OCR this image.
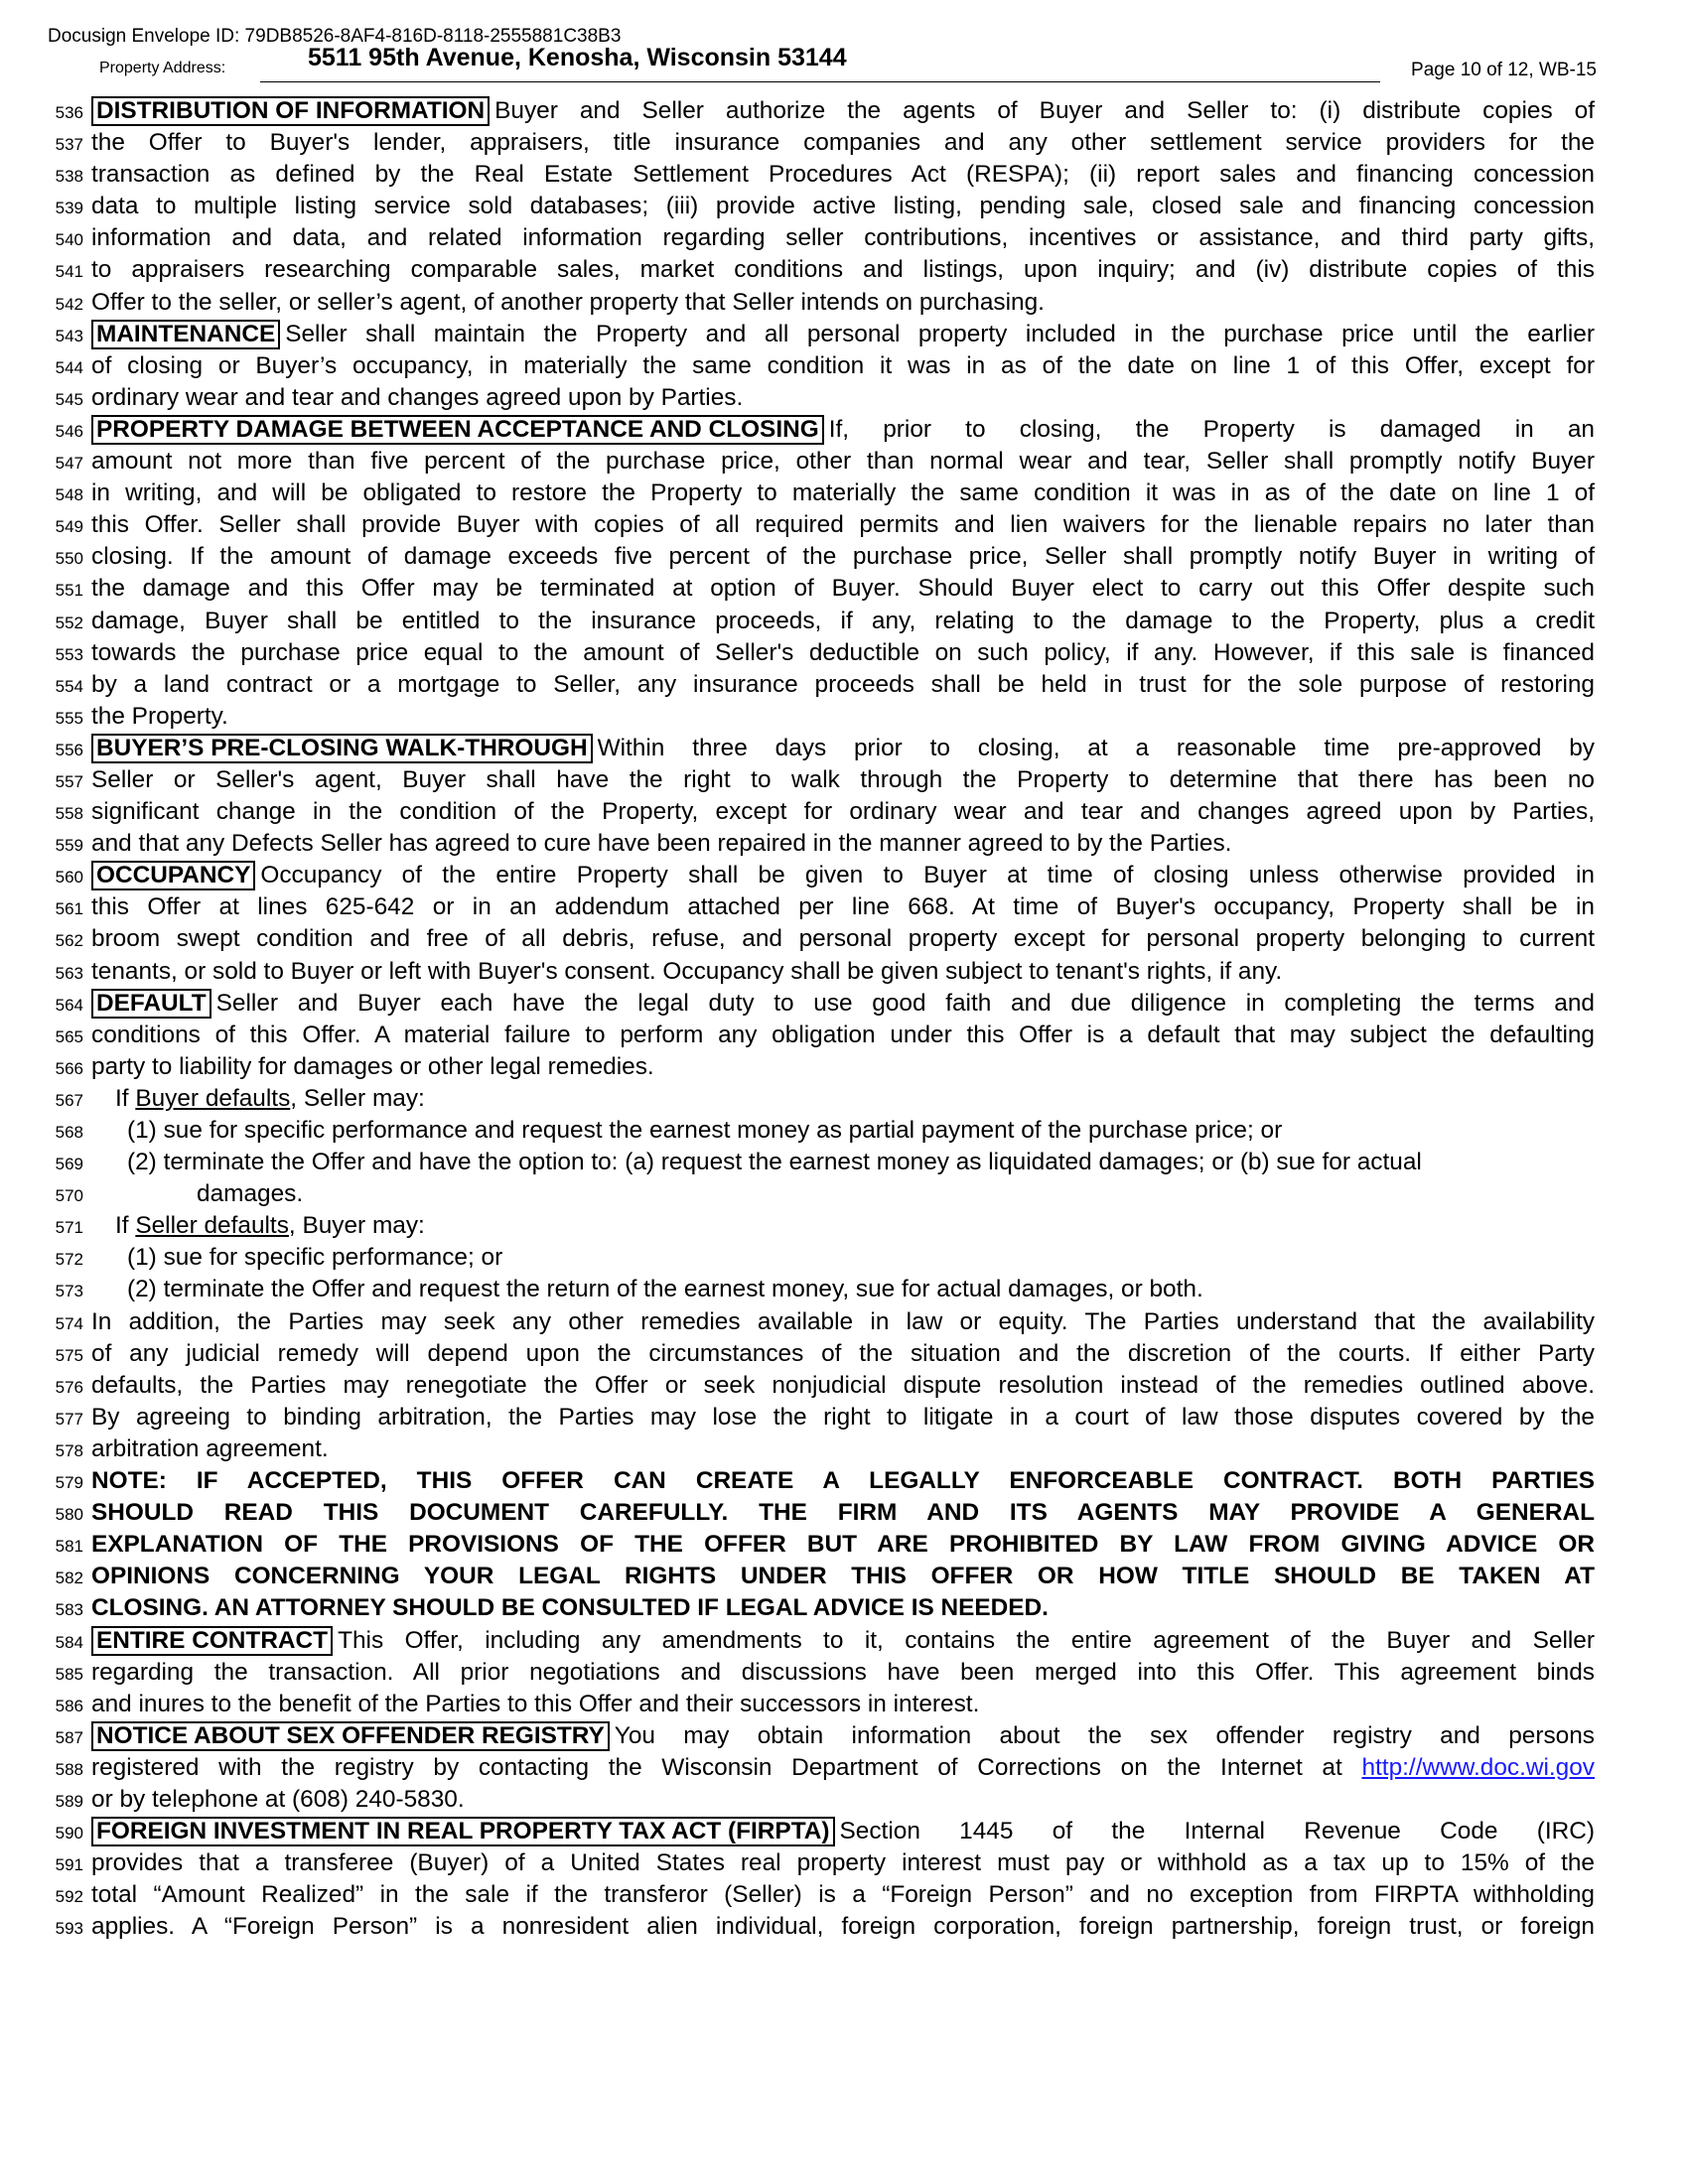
Docusign Envelope ID: 79DB8526-8AF4-816D-8118-2555881C38B3
Property Address:	5511 95th Avenue, Kenosha, Wisconsin 53144	Page 10 of 12, WB-15
536 DISTRIBUTION OF INFORMATION Buyer and Seller authorize the agents of Buyer and Seller to: (i) distribute copies of
537 the Offer to Buyer's lender, appraisers, title insurance companies and any other settlement service providers for the
538 transaction as defined by the Real Estate Settlement Procedures Act (RESPA); (ii) report sales and financing concession
539 data to multiple listing service sold databases; (iii) provide active listing, pending sale, closed sale and financing concession
540 information and data, and related information regarding seller contributions, incentives or assistance, and third party gifts,
541 to appraisers researching comparable sales, market conditions and listings, upon inquiry; and (iv) distribute copies of this
542 Offer to the seller, or seller’s agent, of another property that Seller intends on purchasing.
543 MAINTENANCE Seller shall maintain the Property and all personal property included in the purchase price until the earlier
544 of closing or Buyer’s occupancy, in materially the same condition it was in as of the date on line 1 of this Offer, except for
545 ordinary wear and tear and changes agreed upon by Parties.
546 PROPERTY DAMAGE BETWEEN ACCEPTANCE AND CLOSING If, prior to closing, the Property is damaged in an
547 amount not more than five percent of the purchase price, other than normal wear and tear, Seller shall promptly notify Buyer
548 in writing, and will be obligated to restore the Property to materially the same condition it was in as of the date on line 1 of
549 this Offer. Seller shall provide Buyer with copies of all required permits and lien waivers for the lienable repairs no later than
550 closing. If the amount of damage exceeds five percent of the purchase price, Seller shall promptly notify Buyer in writing of
551 the damage and this Offer may be terminated at option of Buyer. Should Buyer elect to carry out this Offer despite such
552 damage, Buyer shall be entitled to the insurance proceeds, if any, relating to the damage to the Property, plus a credit
553 towards the purchase price equal to the amount of Seller's deductible on such policy, if any. However, if this sale is financed
554 by a land contract or a mortgage to Seller, any insurance proceeds shall be held in trust for the sole purpose of restoring
555 the Property.
556 BUYER’S PRE-CLOSING WALK-THROUGH Within three days prior to closing, at a reasonable time pre-approved by
557 Seller or Seller's agent, Buyer shall have the right to walk through the Property to determine that there has been no
558 significant change in the condition of the Property, except for ordinary wear and tear and changes agreed upon by Parties,
559 and that any Defects Seller has agreed to cure have been repaired in the manner agreed to by the Parties.
560 OCCUPANCY Occupancy of the entire Property shall be given to Buyer at time of closing unless otherwise provided in
561 this Offer at lines 625-642 or in an addendum attached per line 668. At time of Buyer's occupancy, Property shall be in
562 broom swept condition and free of all debris, refuse, and personal property except for personal property belonging to current
563 tenants, or sold to Buyer or left with Buyer's consent. Occupancy shall be given subject to tenant's rights, if any.
564 DEFAULT Seller and Buyer each have the legal duty to use good faith and due diligence in completing the terms and
565 conditions of this Offer. A material failure to perform any obligation under this Offer is a default that may subject the defaulting
566 party to liability for damages or other legal remedies.
567	If Buyer defaults, Seller may:
568	(1) sue for specific performance and request the earnest money as partial payment of the purchase price; or
569	(2) terminate the Offer and have the option to: (a) request the earnest money as liquidated damages; or (b) sue for actual
570	damages.
571	If Seller defaults, Buyer may:
572	(1) sue for specific performance; or
573	(2) terminate the Offer and request the return of the earnest money, sue for actual damages, or both.
574 In addition, the Parties may seek any other remedies available in law or equity. The Parties understand that the availability
575 of any judicial remedy will depend upon the circumstances of the situation and the discretion of the courts. If either Party
576 defaults, the Parties may renegotiate the Offer or seek nonjudicial dispute resolution instead of the remedies outlined above.
577 By agreeing to binding arbitration, the Parties may lose the right to litigate in a court of law those disputes covered by the
578 arbitration agreement.
579 NOTE: IF ACCEPTED, THIS OFFER CAN CREATE A LEGALLY ENFORCEABLE CONTRACT. BOTH PARTIES
580 SHOULD READ THIS DOCUMENT CAREFULLY. THE FIRM AND ITS AGENTS MAY PROVIDE A GENERAL
581 EXPLANATION OF THE PROVISIONS OF THE OFFER BUT ARE PROHIBITED BY LAW FROM GIVING ADVICE OR
582 OPINIONS CONCERNING YOUR LEGAL RIGHTS UNDER THIS OFFER OR HOW TITLE SHOULD BE TAKEN AT
583 CLOSING. AN ATTORNEY SHOULD BE CONSULTED IF LEGAL ADVICE IS NEEDED.
584 ENTIRE CONTRACT This Offer, including any amendments to it, contains the entire agreement of the Buyer and Seller
585 regarding the transaction. All prior negotiations and discussions have been merged into this Offer. This agreement binds
586 and inures to the benefit of the Parties to this Offer and their successors in interest.
587 NOTICE ABOUT SEX OFFENDER REGISTRY You may obtain information about the sex offender registry and persons
588 registered with the registry by contacting the Wisconsin Department of Corrections on the Internet at http://www.doc.wi.gov
589 or by telephone at (608) 240-5830.
590 FOREIGN INVESTMENT IN REAL PROPERTY TAX ACT (FIRPTA) Section 1445 of the Internal Revenue Code (IRC)
591 provides that a transferee (Buyer) of a United States real property interest must pay or withhold as a tax up to 15% of the
592 total “Amount Realized” in the sale if the transferor (Seller) is a “Foreign Person” and no exception from FIRPTA withholding
593 applies. A “Foreign Person” is a nonresident alien individual, foreign corporation, foreign partnership, foreign trust, or foreign
